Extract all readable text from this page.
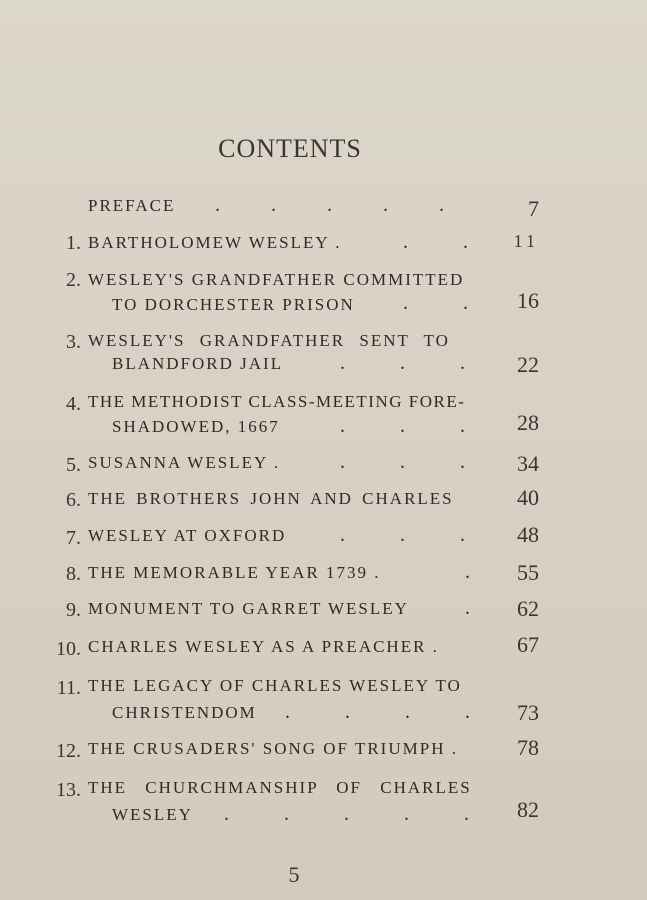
CONTENTS
PREFACE . . . . .	7
1. BARTHOLOMEW WESLEY .	. .	11
2. WESLEY'S GRANDFATHER COMMITTED
TO DORCHESTER PRISON . . 16
3. WESLEY'S GRANDFATHER SENT TO
BLANDFORD JAIL	. . . 22
4. THE METHODIST CLASS-MEETING FORE-
SHADOWED, 1667	. . . 28
5. SUSANNA WESLEY .	. . . 34
6. THE BROTHERS JOHN AND CHARLES	40
7. WESLEY AT OXFORD	. . . 48
8. THE MEMORABLE YEAR 1739 .	. 55
9. MONUMENT TO GARRET WESLEY	. 62
10. CHARLES WESLEY AS A PREACHER .	67
11. THE LEGACY OF CHARLES WESLEY TO
CHRISTENDOM . . . . 73
12. THE CRUSADERS' SONG OF TRIUMPH .	78
13. THE CHURCHMANSHIP OF CHARLES
WESLEY . . . . . 82
5
